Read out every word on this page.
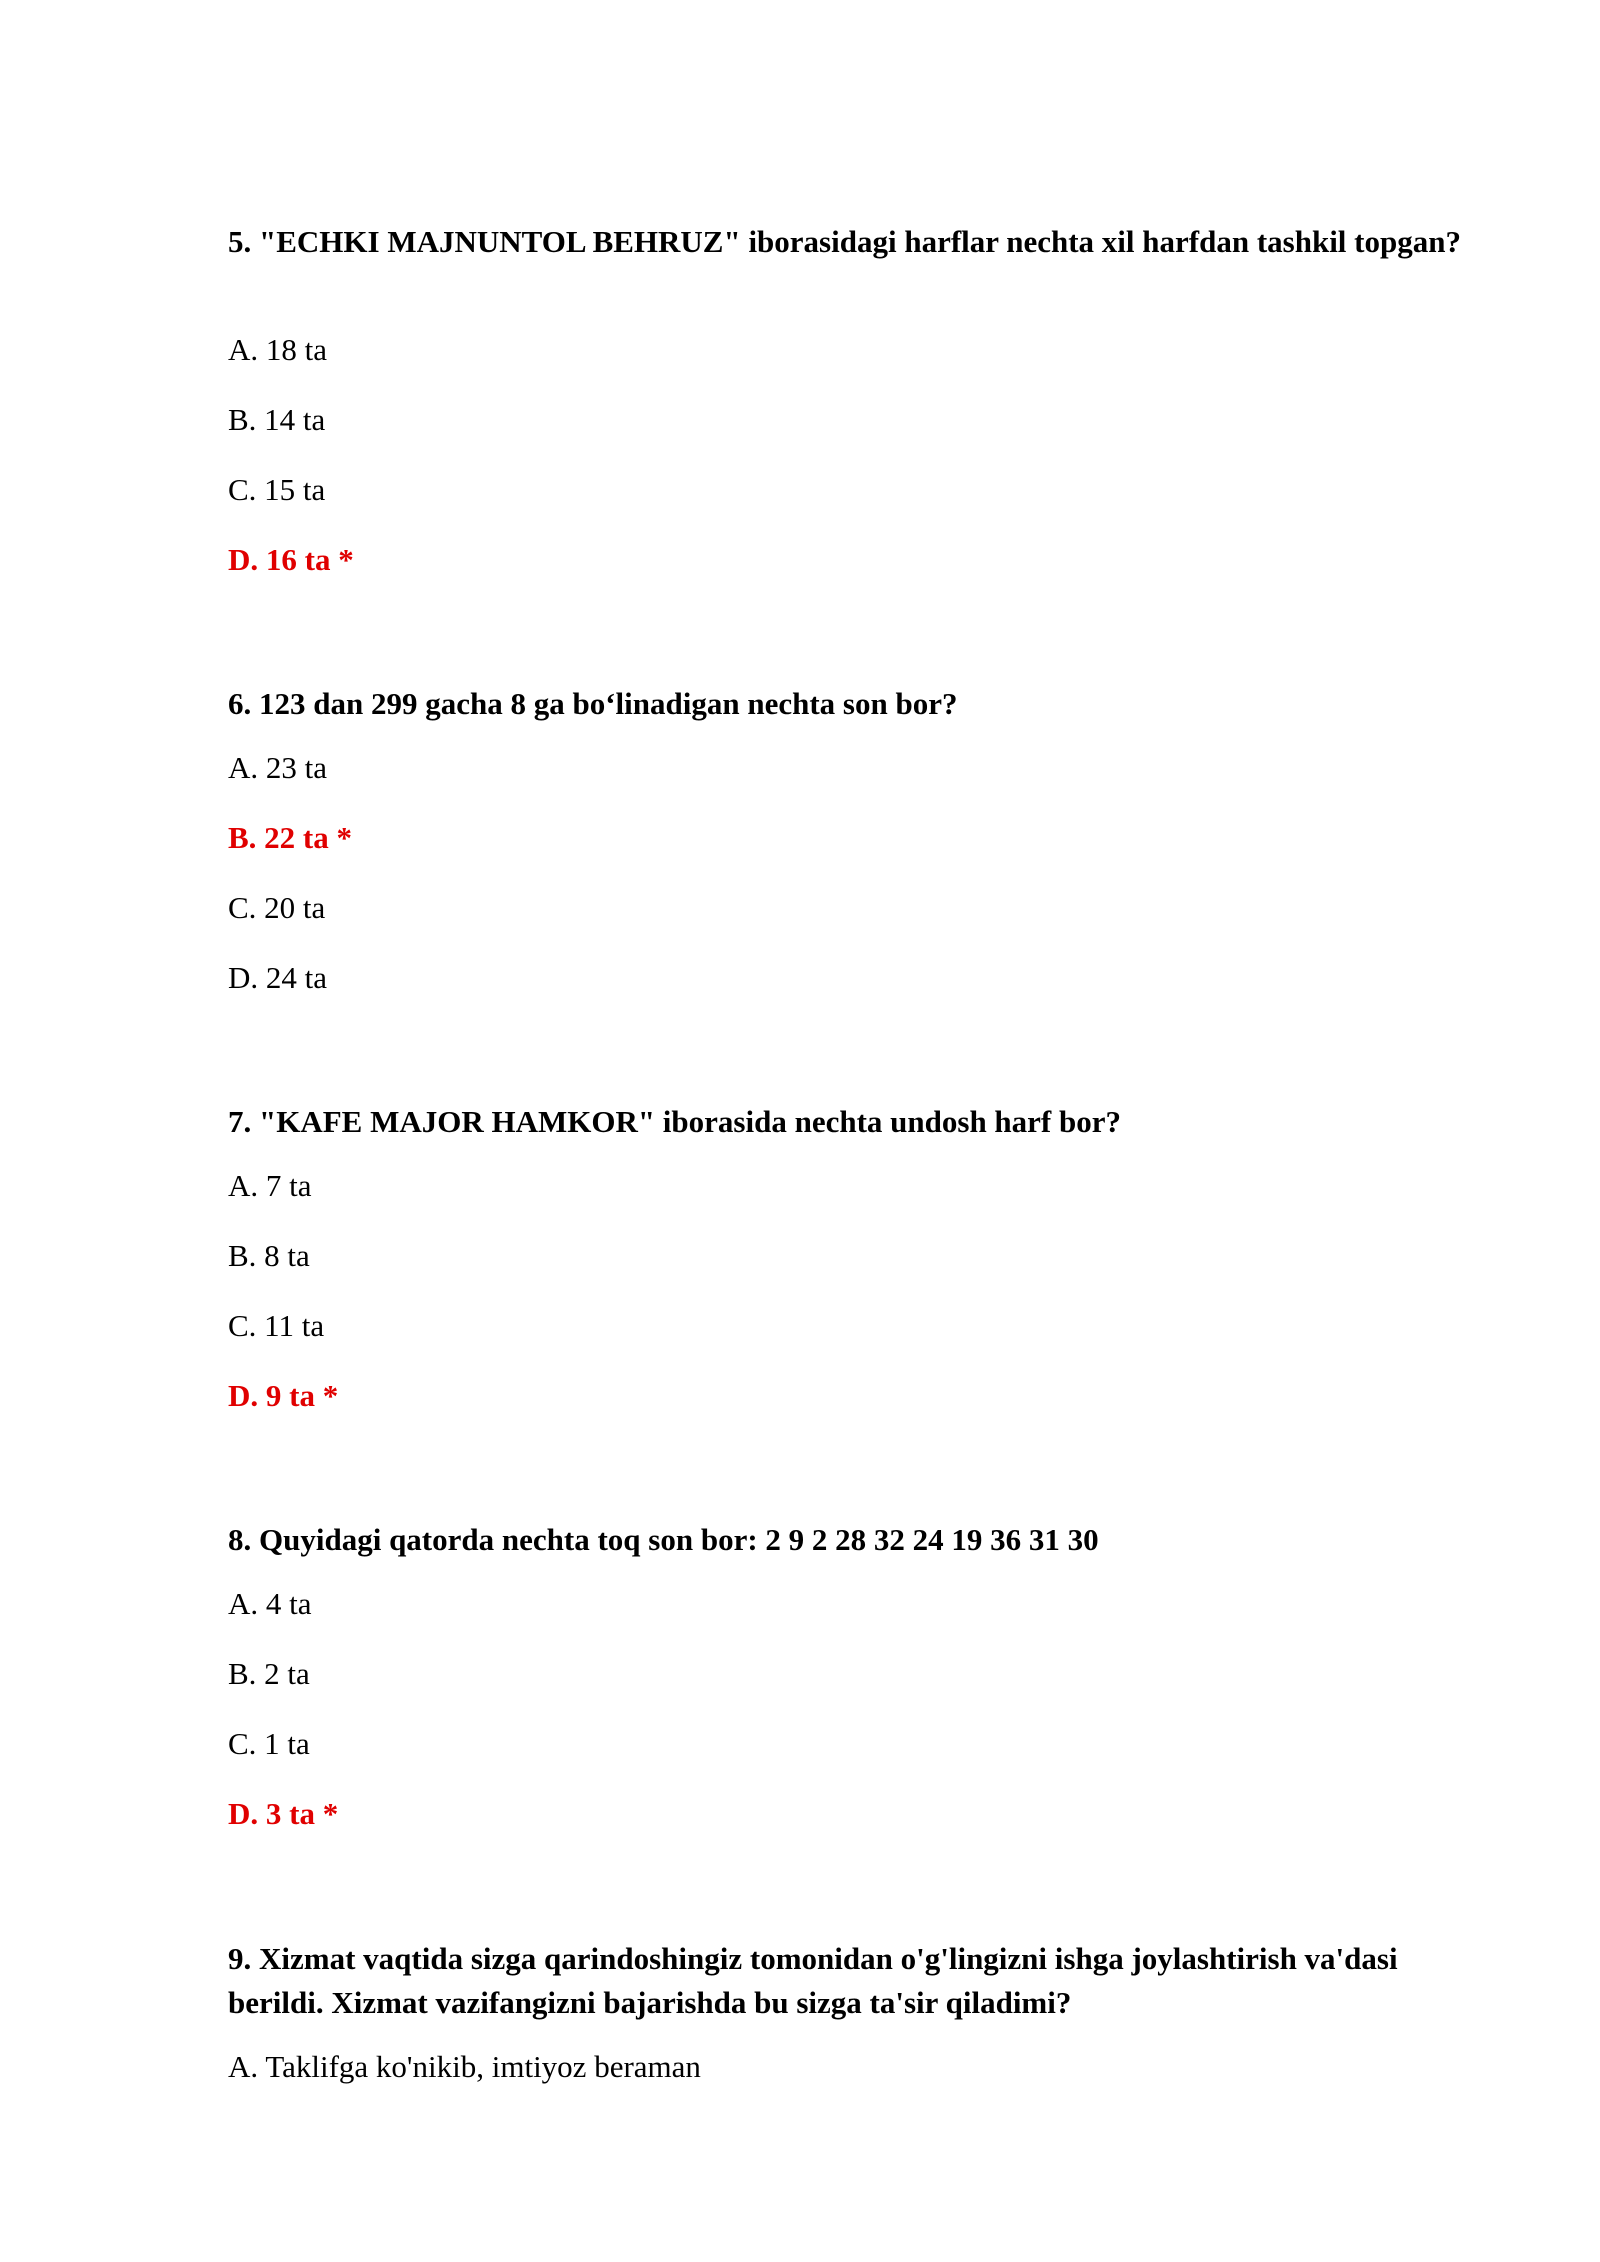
5. "ECHKI MAJNUNTOL BEHRUZ" iborasidagi harflar nechta xil harfdan tashkil topgan?

A. 18 ta

B. 14 ta

C. 15 ta

D. 16 ta *

6. 123 dan 299 gacha 8 ga bo‘linadigan nechta son bor?

A. 23 ta

B. 22 ta *

C. 20 ta

D. 24 ta

7. "KAFE MAJOR HAMKOR" iborasida nechta undosh harf bor?

A. 7 ta

B. 8 ta

C. 11 ta

D. 9 ta *

8. Quyidagi qatorda nechta toq son bor: 2 9 2 28 32 24 19 36 31 30

A. 4 ta

B. 2 ta

C. 1 ta

D. 3 ta *

9. Xizmat vaqtida sizga qarindoshingiz tomonidan o'g'lingizni ishga joylashtirish va'dasi berildi. Xizmat vazifangizni bajarishda bu sizga ta'sir qiladimi?

A. Taklifga ko'nikib, imtiyoz beraman
